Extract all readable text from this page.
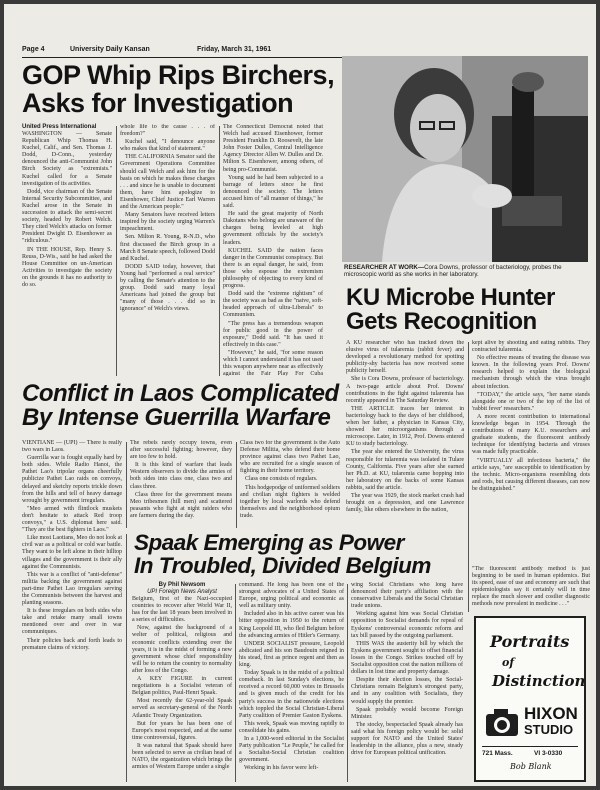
Page 4	University Daily Kansan	Friday, March 31, 1961
GOP Whip Rips Birchers,
Asks for Investigation
United Press International

WASHINGTON — Senate Republican Whip Thomas H. Kuchel, Calif., and Sen. Thomas J. Dodd, D-Conn., yesterday denounced the anti-Communist John Birch Society as "extremists." Kuchel called for a Senate investigation of its activities.

Dodd, vice chairman of the Senate Internal Security Subcommittee, and Kuchel arose in the Senate in succession to attack the semi-secret society, headed by Robert Welch. They cited Welch's attacks on former President Dwight D. Eisenhower as "ridiculous."

IN THE HOUSE, Rep. Henry S. Reuss, D-Wis., said he had asked the House Committee on un-American Activities to investigate the society on the grounds it has no authority to do so.

whole life to the cause . . . of freedom?"

Kuchel said, "I denounce anyone who makes that kind of statement."

THE CALIFORNIA Senator said the Government Operations Committee should call Welch and ask him for the basis on which he makes these charges . . . and since he is unable to document them, have him apologize to Eisenhower, Chief Justice Earl Warren and the American people."

Many Senators have received letters inspired by the society urging Warren's impeachment.

Sen. Milton R. Young, R-N.D., who first discussed the Birch group in a March 8 Senate speech, followed Dodd and Kuchel.

DODD SAID today, however, that Young had "performed a real service" by calling the Senate's attention to the group. Dodd said many loyal Americans had joined the group but "many of those . . . did so in ignorance" of Welch's views.

The Connecticut Democrat noted that Welch had accused Eisenhower, former President Franklin D. Roosevelt, the late John Foster Dulles, Central Intelligence Agency Director Allen W. Dulles and Dr. Milton S. Eisenhower, among others, of being pro-Communist.

Young said he had been subjected to a barrage of letters since he first denounced the society. The letters accused him of "all manner of things," he said.

He said the great majority of North Dakotans who belong are unaware of the charges being leveled at high government officials by the society's leaders.

KUCHEL SAID the nation faces danger in the Communist conspiracy. But there is an equal danger, he said, from those who espouse the extremism philosophy of objecting to every kind of progress.

Dodd said the "extreme rightism" of the society was as bad as the "naive, soft-headed approach of ultra-Liberals" to Communism.

"The press has a tremendous weapon for public good in the power of exposure," Dodd said. "It has used it effectively in this case."

"However," he said, "for some reason which I cannot understand it has not used this weapon anywhere near as effectively against the Fair Play For Cuba

RESEARCHER AT WORK—Cora Downs, professor of bacteriology, probes the microscopic world as she works in her laboratory.
KU Microbe Hunter
Gets Recognition

A KU researcher who has tracked down the elusive virus of tularemia (rabbit fever) and developed a revolutionary method for spotting publicity-shy bacteria has now received some publicity herself.

She is Cora Downs, professor of bacteriology. A two-page article about Prof. Downs' contributions in the fight against tularemia has recently appeared in The Saturday Review.

THE ARTICLE traces her interest in bacteriology back to the days of her childhood, when her father, a physician in Kansas City, showed her microorganisms through a microscope. Later, in 1912, Prof. Downs entered KU to study bacteriology.

The year she entered the University, the virus responsible for tularemia was isolated in Tulare County, California. Five years after she earned her Ph.D. at KU, tularemia came hopping into her laboratory on the backs of some Kansas rabbits, said the article.

The year was 1929, the stock market crash had brought on a depression, and one Lawrence family, like others elsewhere in the nation,

kept alive by shooting and eating rabbits. They contracted tularemia.

No effective means of treating the disease was known. In the following years Prof. Downs' research helped to explain the biological mechanism through which the virus brought about infection.

"TODAY," the article says, "her name stands alongside one or two of the top of the list of 'rabbit fever' researchers."

A more recent contribution to international knowledge began in 1954. Through the contributions of many K.U. researchers and graduate students, the fluorescent antibody technique for identifying bacteria and viruses was made fully practicable.

"VIRTUALLY all infectious bacteria," the article says, "are susceptible to identification by the technic. Micro-organisms resembling dots and rods, but causing different diseases, can now be distinguished."

Conflict in Laos Complicated
By Intense Guerrilla Warfare

VIENTIANE — (UPI) — There is really two wars in Laos.

Guerrilla war is fought equally hard by both sides. While Radio Hanoi, the Pathet Lao's tripolar organs cheerfully publicize Pathet Lao raids on convoys, delayed and sketchy reports trickle down from the hills and tell of heavy damage wrought by government irregulars.

"Meo armed with flintlock muskets don't hesitate to attack Red troop convoys," a U.S. diplomat here said. "They are the best fighters in Laos."

Like most Laotians, Meo do not look at civil war as a political or cold war battle. They want to be left alone in their hilltop villages and the government is their ally against the Communists.

This war is a conflict of "anti-defense" militia backing the government against part-time Pathet Lao irregulars serving the Communists between the harvest and planting seasons.

It is these irregulars on both sides who take and retake many small towns mentioned over and over in war communiques.

Their policies back and forth leads to premature claims of victory.

The rebels rarely occupy towns, even after successful fighting; however, they are too few to hold.

It is this kind of warfare that leads Western observers to divide the armies of both sides into class one, class two and class three.

Class three for the government means Meo tribesmen (hill men) and scattered peasants who fight at night raiders who are farmers during the day.

Class two for the government is the Auto Defense Militia, who defend their home province against class two Pathet Lao, who are recruited for a single season of fighting in their home territory.

Class one consists of regulars.

This hodgepodge of uniformed soldiers and civilian night fighters is welded together by local warlords who defend themselves and the neighborhood opium trade.

Spaak Emerging as Power
In Troubled, Divided Belgium
By Phil Newsom
UPI Foreign News Analyst

Belgium, first of the Nazi-occupied countries to recover after World War II, has for the last 18 years been involved in a series of difficulties.

Now, against the background of a welter of political, religious and economic conflicts extending over the years, it is in the midst of forming a new government whose chief responsibility will be to return the country to normality after loss of the Congo.

A KEY FIGURE in current negotiations is a Socialist veteran of Belgian politics, Paul-Henri Spaak.

Most recently the 62-year-old Spaak served as secretary-general of the North Atlantic Treaty Organization.

But for years he has been one of Europe's most respected, and at the same time controversial, figures.

It was natural that Spaak should have been selected to serve as civilian head of NATO, the organization which brings the armies of Western Europe under a single

command. He long has been one of the strongest advocates of a United States of Europe, urging political and economic as well as military unity.

Included also in his active career was his bitter opposition in 1950 to the return of King Leopold III, who fled Belgium before the advancing armies of Hitler's Germany.

UNDER SOCIALIST pressure, Leopold abdicated and his son Baudouin reigned in his stead, first as prince regent and then as king.

Today Spaak is in the midst of a political comeback. In last Sunday's elections, he received a record 60,000 votes in Brussels and is given much of the credit for his party's success in the nationwide elections which toppled the Social Christian-Liberal Party coalition of Premier Gaston Eyskens.

This week, Spaak was moving rapidly to consolidate his gains.

In a 1,000-word editorial in the Socialist Party publication "Le Peuple," he called for a Socialist-Social Christian coalition government.

Working in his favor were left-

wing Social Christians who long have denounced their party's affiliation with the conservative Liberals and the Social Christian trade unions.

Working against him was Social Christian opposition to Socialist demands for repeal of Eyskens' controversial economic reform and tax bill passed by the outgoing parliament.

THIS WAS the austerity bill by which the Eyskens government sought to offset financial losses in the Congo. Strikes touched off by Socialist opposition cost the nation millions of dollars in lost time and property damage.

Despite their election losses, the Social-Christians remain Belgium's strongest party, and in any coalition with Socialists, they would supply the premier.

Spaak probably would become Foreign Minister.

The stocky, bespectacled Spaak already has said what his foreign policy would be: solid support for NATO and the United States' leadership in the alliance, plus a new, steady drive for European political unification.

"The fluorescent antibody method is just beginning to be used in human epidemics. But its speed, ease of use and economy are such that epidemiologists say it certainly will in time replace the much slower and costlier diagnostic methods now prevalent in medicine . . ."

Portraits
of
Distinction
HIXON
STUDIO
721 Mass.	VI 3-0330
Bob Blank
